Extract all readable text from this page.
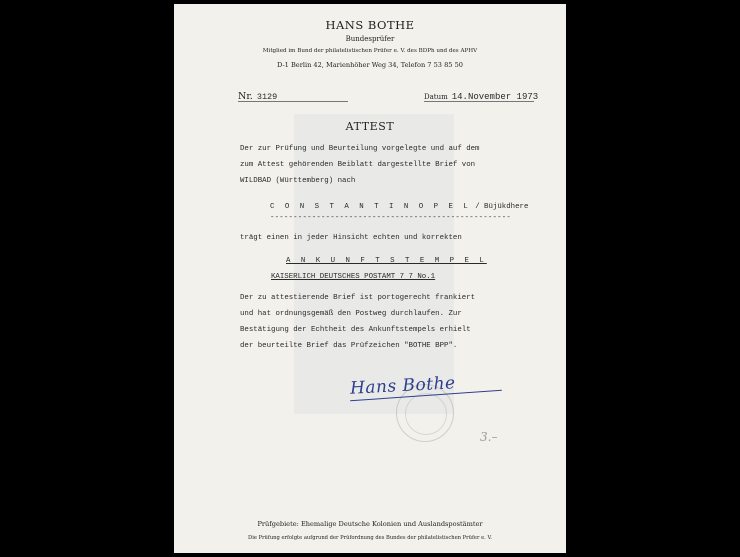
HANS BOTHE
Bundesprüfer
Mitglied im Bund der philatelistischen Prüfer e. V. des BDPh und des APHV
D-1 Berlin 42, Marienhöher Weg 34, Telefon 7 53 85 50
Nr. 3129	Datum 14.November 1973
ATTEST
Der zur Prüfung und Beurteilung vorgelegte und auf dem
zum Attest gehörenden Beiblatt dargestellte Brief von
WILDBAD (Württemberg) nach
C O N S T A N T I N O P E L / Büjükdhere
----------------------------------------------------
trägt einen in jeder Hinsicht echten und korrekten
A N K U N F T S T E M P E L
KAISERLICH DEUTSCHES POSTAMT 7 7 No.1
Der zu attestierende Brief ist portogerecht frankiert
und hat ordnungsgemäß den Postweg durchlaufen. Zur
Bestätigung der Echtheit des Ankunftstempels erhielt
der beurteilte Brief das Prüfzeichen "BOTHE BPP".
Hans Bothe
3.–
Prüfgebiete: Ehemalige Deutsche Kolonien und Auslandspostämter
Die Prüfung erfolgte aufgrund der Prüfordnung des Bundes der philatelistischen Prüfer e. V.
